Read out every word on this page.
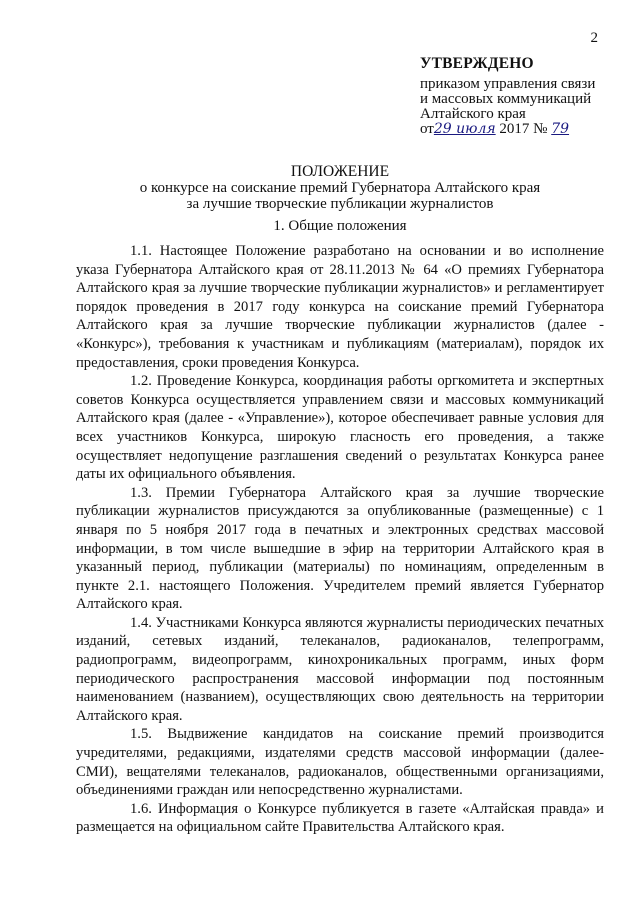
2
УТВЕРЖДЕНО
приказом управления связи
и массовых коммуникаций
Алтайского края
от29 июля 2017 № 79
ПОЛОЖЕНИЕ
о конкурсе на соискание премий Губернатора Алтайского края
за лучшие творческие публикации журналистов
1. Общие положения

1.1. Настоящее Положение разработано на основании и во исполнение указа Губернатора Алтайского края от 28.11.2013 № 64 «О премиях Губернатора Алтайского края за лучшие творческие публикации журналистов» и регламентирует порядок проведения в 2017 году конкурса на соискание премий Губернатора Алтайского края за лучшие творческие публикации журналистов (далее - «Конкурс»), требования к участникам и публикациям (материалам), порядок их предоставления, сроки проведения Конкурса.

1.2. Проведение Конкурса, координация работы оргкомитета и экспертных советов Конкурса осуществляется управлением связи и массовых коммуникаций Алтайского края (далее - «Управление»), которое обеспечивает равные условия для всех участников Конкурса, широкую гласность его проведения, а также осуществляет недопущение разглашения сведений о результатах Конкурса ранее даты их официального объявления.

1.3. Премии Губернатора Алтайского края за лучшие творческие публикации журналистов присуждаются за опубликованные (размещенные) с 1 января по 5 ноября 2017 года в печатных и электронных средствах массовой информации, в том числе вышедшие в эфир на территории Алтайского края в указанный период, публикации (материалы) по номинациям, определенным в пункте 2.1. настоящего Положения. Учредителем премий является Губернатор Алтайского края.

1.4. Участниками Конкурса являются журналисты периодических печатных изданий, сетевых изданий, телеканалов, радиоканалов, телепрограмм, радиопрограмм, видеопрограмм, кинохроникальных программ, иных форм периодического распространения массовой информации под постоянным наименованием (названием), осуществляющих свою деятельность на территории Алтайского края.

1.5. Выдвижение кандидатов на соискание премий производится учредителями, редакциями, издателями средств массовой информации (далее-СМИ), вещателями телеканалов, радиоканалов, общественными организациями, объединениями граждан или непосредственно журналистами.

1.6. Информация о Конкурсе публикуется в газете «Алтайская правда» и размещается на официальном сайте Правительства Алтайского края.
